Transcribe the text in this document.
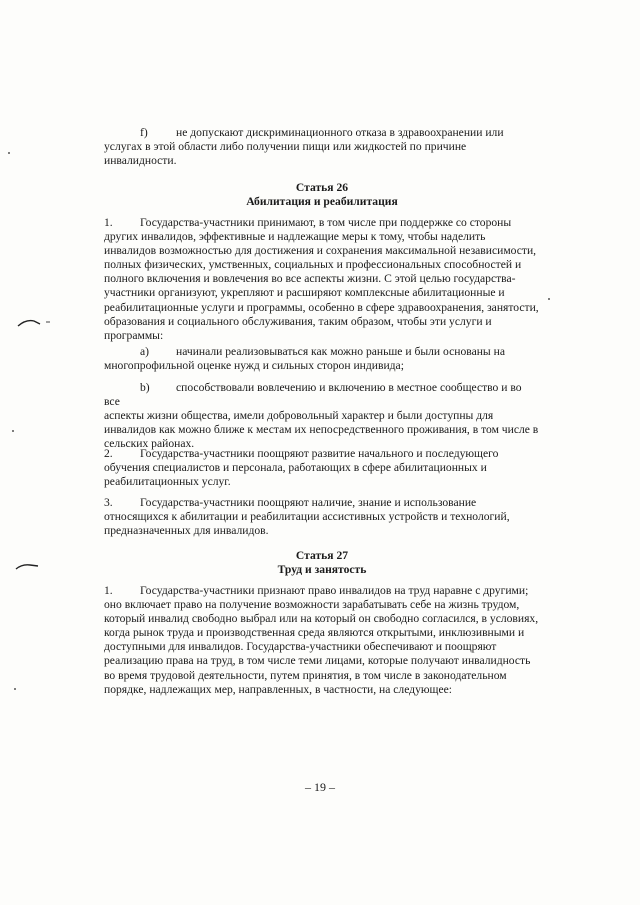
f) не допускают дискриминационного отказа в здравоохранении или
услугах в этой области либо получении пищи или жидкостей по причине инвалидности.
Статья 26
Абилитация и реабилитация
1. Государства-участники принимают, в том числе при поддержке со стороны
других инвалидов, эффективные и надлежащие меры к тому, чтобы наделить инвалидов возможностью для достижения и сохранения максимальной независимости, полных физических, умственных, социальных и профессиональных способностей и полного включения и вовлечения во все аспекты жизни. С этой целью государства-участники организуют, укрепляют и расширяют комплексные абилитационные и реабилитационные услуги и программы, особенно в сфере здравоохранения, занятости, образования и социального обслуживания, таким образом, чтобы эти услуги и программы:
a) начинали реализовываться как можно раньше и были основаны на
многопрофильной оценке нужд и сильных сторон индивида;
b) способствовали вовлечению и включению в местное сообщество и во все
аспекты жизни общества, имели добровольный характер и были доступны для инвалидов как можно ближе к местам их непосредственного проживания, в том числе в сельских районах.
2. Государства-участники поощряют развитие начального и последующего
обучения специалистов и персонала, работающих в сфере абилитационных и реабилитационных услуг.
3. Государства-участники поощряют наличие, знание и использование
относящихся к абилитации и реабилитации ассистивных устройств и технологий, предназначенных для инвалидов.
Статья 27
Труд и занятость
1. Государства-участники признают право инвалидов на труд наравне с другими;
оно включает право на получение возможности зарабатывать себе на жизнь трудом, который инвалид свободно выбрал или на который он свободно согласился, в условиях, когда рынок труда и производственная среда являются открытыми, инклюзивными и доступными для инвалидов. Государства-участники обеспечивают и поощряют реализацию права на труд, в том числе теми лицами, которые получают инвалидность во время трудовой деятельности, путем принятия, в том числе в законодательном порядке, надлежащих мер, направленных, в частности, на следующее:
– 19 –
